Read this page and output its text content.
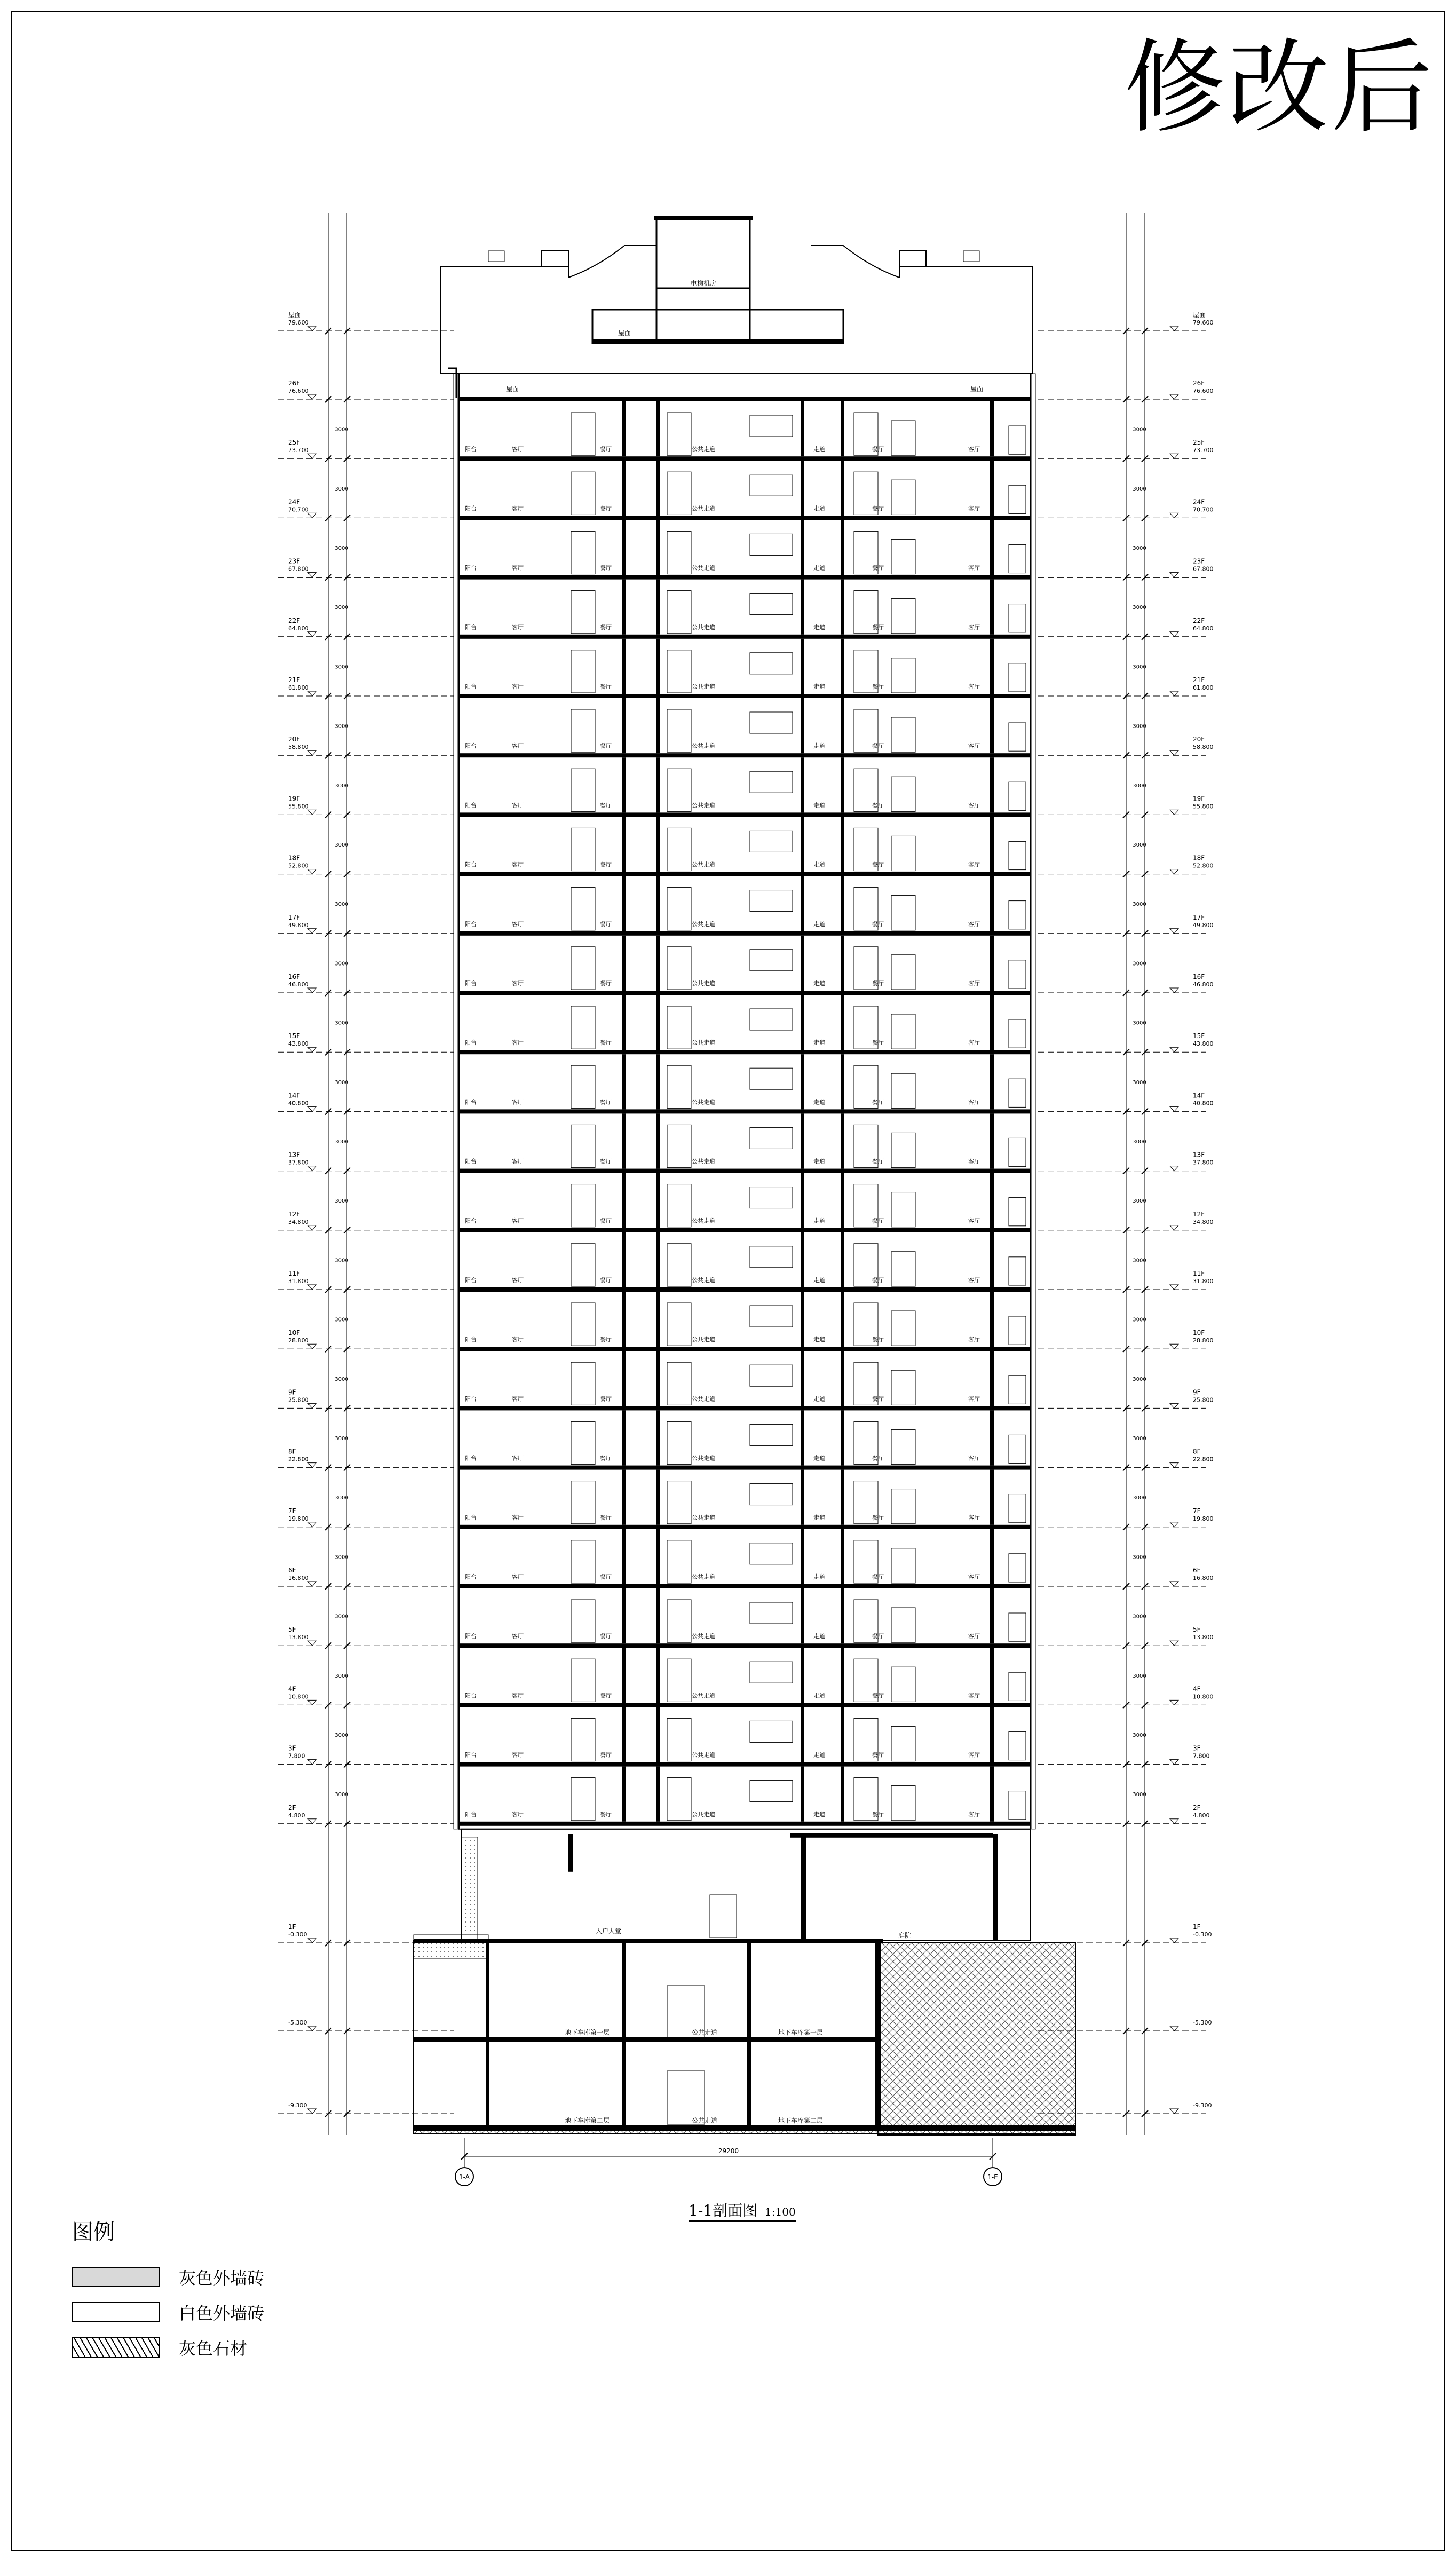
修改后
电梯机房
屋面
屋面	屋面
入户大堂
庭院
地下车库第一层	地下车库第一层
地下车库第二层	地下车库第二层
公共走道
公共走道
阳台	客厅	餐厅	公共走道	走道	餐厅	客厅
阳台	客厅	餐厅	公共走道	走道	餐厅	客厅
阳台	客厅	餐厅	公共走道	走道	餐厅	客厅
阳台	客厅	餐厅	公共走道	走道	餐厅	客厅
阳台	客厅	餐厅	公共走道	走道	餐厅	客厅
阳台	客厅	餐厅	公共走道	走道	餐厅	客厅
阳台	客厅	餐厅	公共走道	走道	餐厅	客厅
阳台	客厅	餐厅	公共走道	走道	餐厅	客厅
阳台	客厅	餐厅	公共走道	走道	餐厅	客厅
阳台	客厅	餐厅	公共走道	走道	餐厅	客厅
阳台	客厅	餐厅	公共走道	走道	餐厅	客厅
阳台	客厅	餐厅	公共走道	走道	餐厅	客厅
阳台	客厅	餐厅	公共走道	走道	餐厅	客厅
阳台	客厅	餐厅	公共走道	走道	餐厅	客厅
阳台	客厅	餐厅	公共走道	走道	餐厅	客厅
阳台	客厅	餐厅	公共走道	走道	餐厅	客厅
阳台	客厅	餐厅	公共走道	走道	餐厅	客厅
阳台	客厅	餐厅	公共走道	走道	餐厅	客厅
阳台	客厅	餐厅	公共走道	走道	餐厅	客厅
阳台	客厅	餐厅	公共走道	走道	餐厅	客厅
阳台	客厅	餐厅	公共走道	走道	餐厅	客厅
阳台	客厅	餐厅	公共走道	走道	餐厅	客厅
阳台	客厅	餐厅	公共走道	走道	餐厅	客厅
阳台	客厅	餐厅	公共走道	走道	餐厅	客厅
屋面
79.600
26F
76.600
25F
73.700
24F
70.700
23F
67.800
22F
64.800
21F
61.800
20F
58.800
19F
55.800
18F
52.800
17F
49.800
16F
46.800
15F
43.800
14F
40.800
13F
37.800
12F
34.800
11F
31.800
10F
28.800
9F
25.800
8F
22.800
7F
19.800
6F
16.800
5F
13.800
4F
10.800
3F
7.800
2F
4.800
1F
-0.300
-5.300
-9.300
屋面
79.600
26F
76.600
25F
73.700
24F
70.700
23F
67.800
22F
64.800
21F
61.800
20F
58.800
19F
55.800
18F
52.800
17F
49.800
16F
46.800
15F
43.800
14F
40.800
13F
37.800
12F
34.800
11F
31.800
10F
28.800
9F
25.800
8F
22.800
7F
19.800
6F
16.800
5F
13.800
4F
10.800
3F
7.800
2F
4.800
1F
-0.300
-5.300
-9.300
3000	3000
3000	3000
3000	3000
3000	3000
3000	3000
3000	3000
3000	3000
3000	3000
3000	3000
3000	3000
3000	3000
3000	3000
3000	3000
3000	3000
3000	3000
3000	3000
3000	3000
3000	3000
3000	3000
3000	3000
3000	3000
3000	3000
3000	3000
3000	3000
29200
1-A	1-E
1-1剖面图 1:100
图例
灰色外墙砖
白色外墙砖
灰色石材
